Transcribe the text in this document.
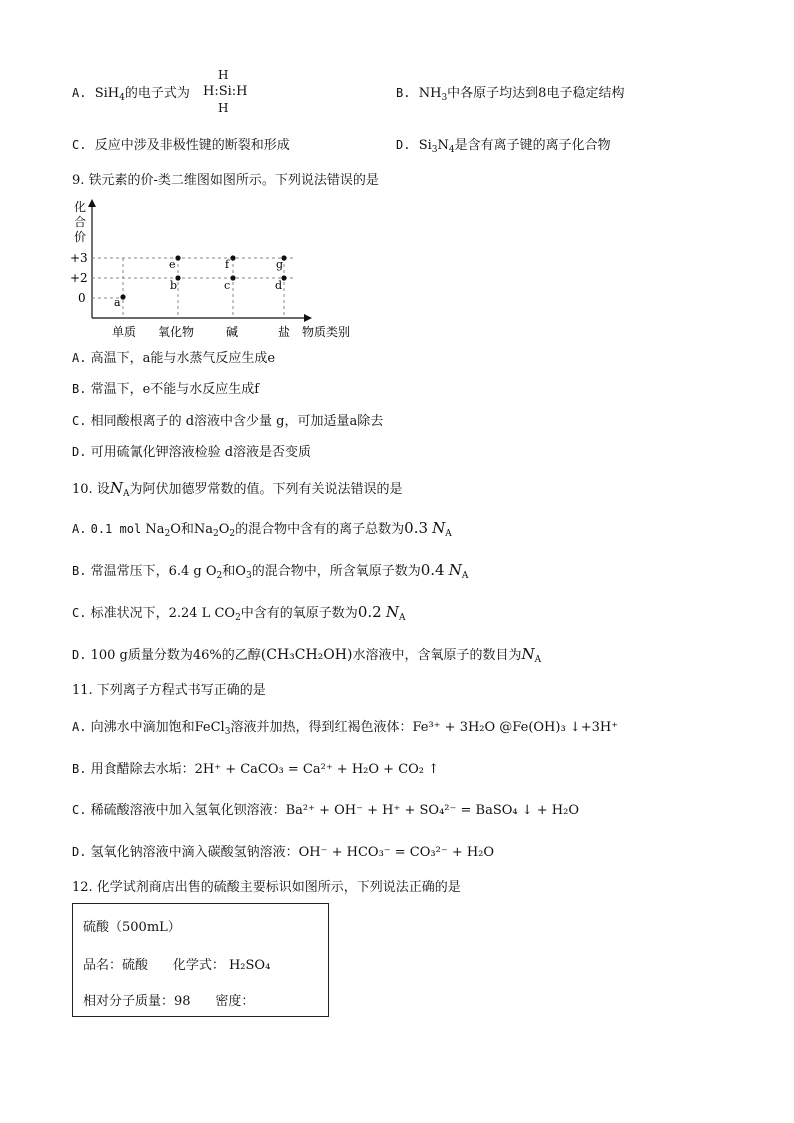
A. SiH$_4$的电子式为
H
H:Si:H
H
B. $NH_3$中各原子均达到8电子稳定结构
C. 反应中涉及非极性键的断裂和形成	D. $Si_3N_4$是含有离子键的离子化合物
9. 铁元素的价-类二维图如图所示。下列说法错误的是
化
合
价
+3
+2
0	a
b	c	d
e	f	g
单质 氧化物	碱	盐 物质类别
A. 高温下，a能与水蒸气反应生成e
B. 常温下，e不能与水反应生成f
C. 相同酸根离子的 d溶液中含少量 g，可加适量a除去
D. 可用硫氰化钾溶液检验 d溶液是否变质
10. 设$N_A$为阿伏加德罗常数的值。下列有关说法错误的是
A. 0.1 mol $Na_2O$和$Na_2O_2$的混合物中含有的离子总数为0.3 $N_A$
B. 常温常压下，6.4 g $O_2$和$O_3$的混合物中，所含氧原子数为0.4 $N_A$
C. 标准状况下，2.24 L $CO_2$中含有的氧原子数为0.2 $N_A$
D. 100 g质量分数为46%的乙醇(CH₃CH₂OH)水溶液中，含氧原子的数目为$N_A$
11. 下列离子方程式书写正确的是
A. 向沸水中滴加饱和FeCl$_3$溶液并加热，得到红褐色液体：Fe³⁺ + 3H₂O @Fe(OH)₃ ↓+3H⁺
B. 用食醋除去水垢：2H⁺ + CaCO₃ = Ca²⁺ + H₂O + CO₂ ↑
C. 稀硫酸溶液中加入氢氧化钡溶液：Ba²⁺ + OH⁻ + H⁺ + SO₄²⁻ = BaSO₄ ↓ + H₂O
D. 氢氧化钠溶液中滴入碳酸氢钠溶液：OH⁻ + HCO₃⁻ = CO₃²⁻ + H₂O
12. 化学试剂商店出售的硫酸主要标识如图所示，下列说法正确的是
硫酸（500mL）
品名：硫酸 化学式： H₂SO₄
相对分子质量：98 密度：
